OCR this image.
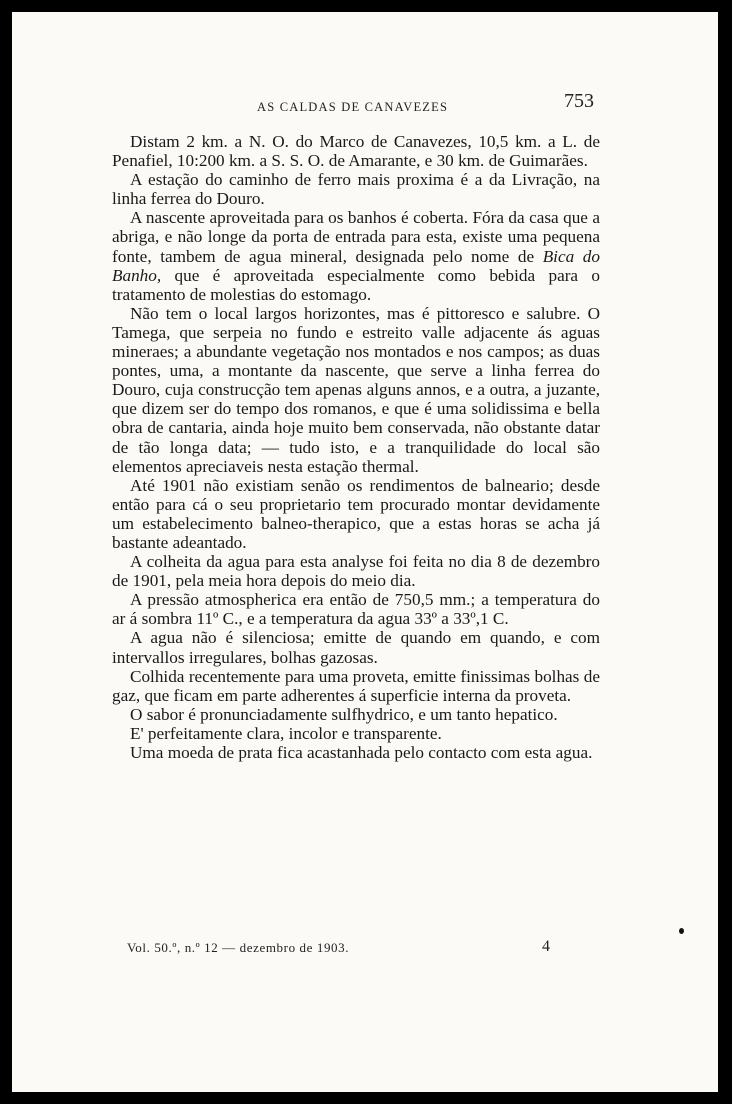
AS CALDAS DE CANAVEZES	753

Distam 2 km. a N. O. do Marco de Canavezes, 10,5 km. a L. de Penafiel, 10:200 km. a S. S. O. de Amarante, e 30 km. de Guimarães.

A estação do caminho de ferro mais proxima é a da Livração, na linha ferrea do Douro.

A nascente aproveitada para os banhos é coberta. Fóra da casa que a abriga, e não longe da porta de entrada para esta, existe uma pequena fonte, tambem de agua mineral, designada pelo nome de Bica do Banho, que é aproveitada especialmente como bebida para o tratamento de molestias do estomago.

Não tem o local largos horizontes, mas é pittoresco e salubre. O Tamega, que serpeia no fundo e estreito valle adjacente ás aguas mineraes; a abundante vegetação nos montados e nos campos; as duas pontes, uma, a montante da nascente, que serve a linha ferrea do Douro, cuja construcção tem apenas alguns annos, e a outra, a juzante, que dizem ser do tempo dos romanos, e que é uma solidissima e bella obra de cantaria, ainda hoje muito bem conservada, não obstante datar de tão longa data; — tudo isto, e a tranquilidade do local são elementos apreciaveis nesta estação thermal.

Até 1901 não existiam senão os rendimentos de balneario; desde então para cá o seu proprietario tem procurado montar devidamente um estabelecimento balneo-therapico, que a estas horas se acha já bastante adeantado.

A colheita da agua para esta analyse foi feita no dia 8 de dezembro de 1901, pela meia hora depois do meio dia.

A pressão atmospherica era então de 750,5 mm.; a temperatura do ar á sombra 11º C., e a temperatura da agua 33º a 33º,1 C.

A agua não é silenciosa; emitte de quando em quando, e com intervallos irregulares, bolhas gazosas.

Colhida recentemente para uma proveta, emitte finissimas bolhas de gaz, que ficam em parte adherentes á superficie interna da proveta.

O sabor é pronunciadamente sulfhydrico, e um tanto hepatico.

E' perfeitamente clara, incolor e transparente.

Uma moeda de prata fica acastanhada pelo contacto com esta agua.

Vol. 50.º, n.º 12 — dezembro de 1903.	4
